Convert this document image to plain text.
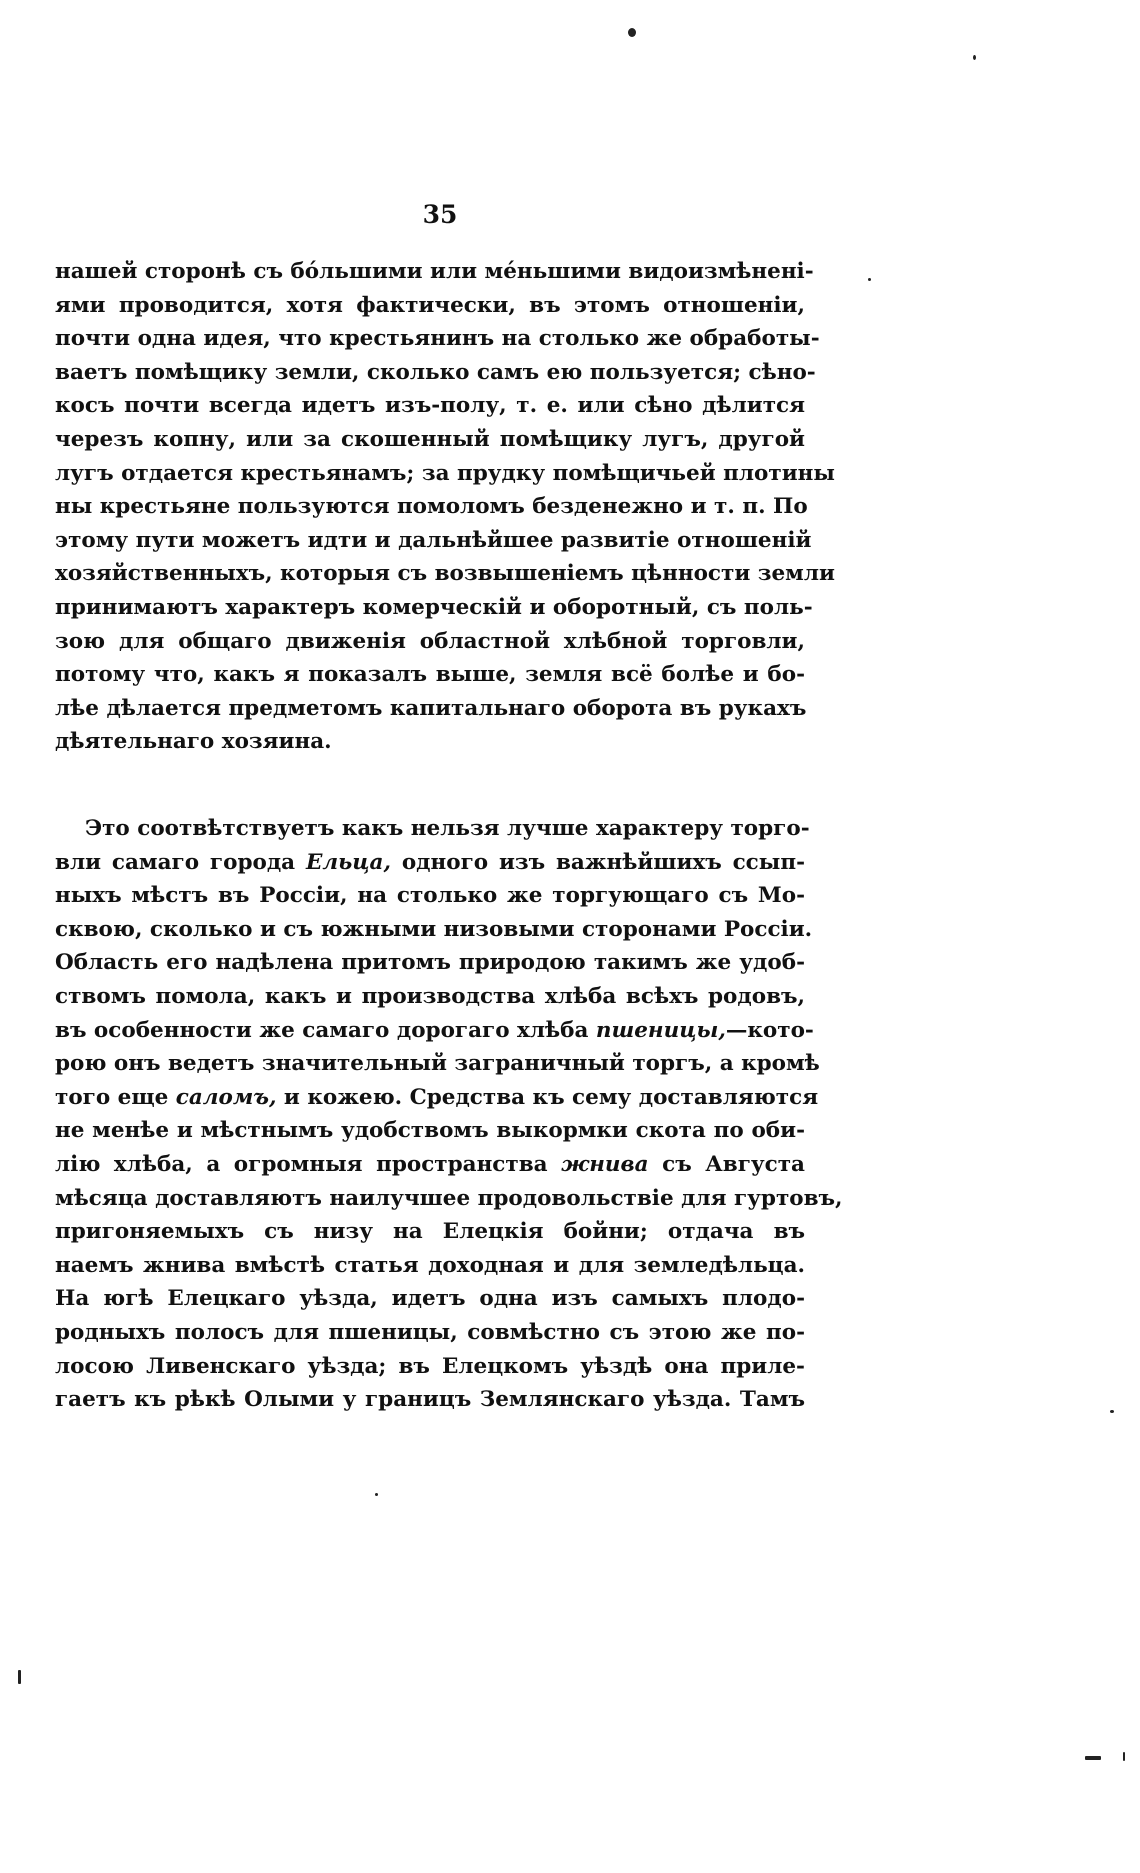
35
нашей сторонѣ съ бо́льшими или ме́ньшими видоизмѣнені-
ями проводится, хотя фактически, въ этомъ отношеніи,
почти одна идея, что крестьянинъ на столько же обработы-
ваетъ помѣщику земли, сколько самъ ею пользуется; сѣно-
косъ почти всегда идетъ изъ-полу, т. е. или сѣно дѣлится
черезъ копну, или за скошенный помѣщику лугъ, другой
лугъ отдается крестьянамъ; за прудку помѣщичьей плотины
ны крестьяне пользуются помоломъ безденежно и т. п. По
этому пути можетъ идти и дальнѣйшее развитіе отношеній
хозяйственныхъ, которыя съ возвышеніемъ цѣнности земли
принимаютъ характеръ комерческій и оборотный, съ поль-
зою для общаго движенія областной хлѣбной торговли,
потому что, какъ я показалъ выше, земля всё болѣе и бо-
лѣе дѣлается предметомъ капитальнаго оборота въ рукахъ
дѣятельнаго хозяина.
Это соотвѣтствуетъ какъ нельзя лучше характеру торго-
вли самаго города Ельца, одного изъ важнѣйшихъ ссып-
ныхъ мѣстъ въ Россіи, на столько же торгующаго съ Мо-
сквою, сколько и съ южными низовыми сторонами Россіи.
Область его надѣлена притомъ природою такимъ же удоб-
ствомъ помола, какъ и производства хлѣба всѣхъ родовъ,
въ особенности же самаго дорогаго хлѣба пшеницы,—кото-
рою онъ ведетъ значительный заграничный торгъ, а кромѣ
того еще саломъ, и кожею. Средства къ сему доставляются
не менѣе и мѣстнымъ удобствомъ выкормки скота по оби-
лію хлѣба, а огромныя пространства жнива съ Августа
мѣсяца доставляютъ наилучшее продовольствіе для гуртовъ,
пригоняемыхъ съ низу на Елецкія бойни; отдача въ
наемъ жнива вмѣстѣ статья доходная и для земледѣльца.
На югѣ Елецкаго уѣзда, идетъ одна изъ самыхъ плодо-
родныхъ полосъ для пшеницы, совмѣстно съ этою же по-
лосою Ливенскаго уѣзда; въ Елецкомъ уѣздѣ она приле-
гаетъ къ рѣкѣ Олыми у границъ Землянскаго уѣзда. Тамъ
